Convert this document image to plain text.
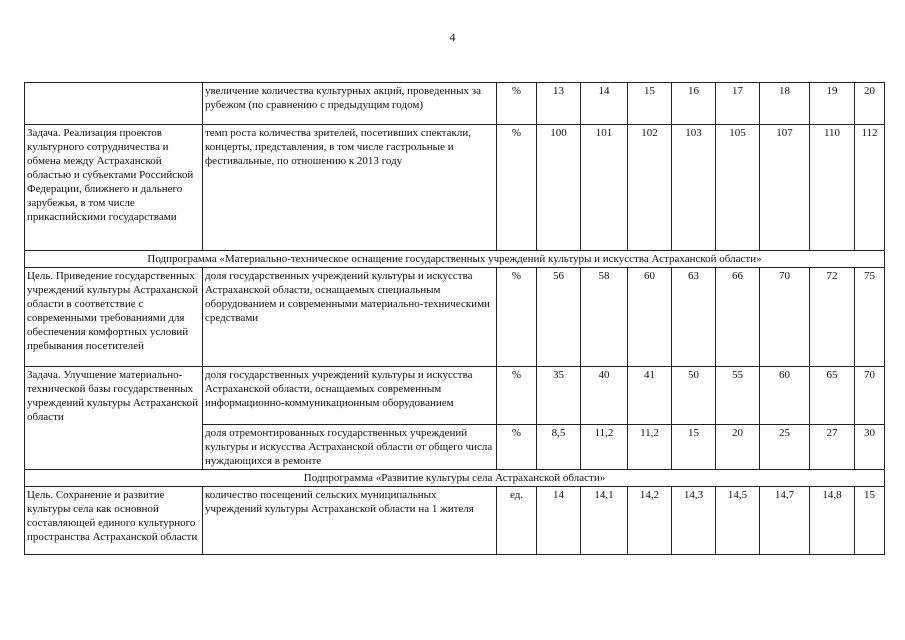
4
	увеличение количества культурных акций, проведенных за рубежом (по сравнению с предыдущим годом)	%	13	14	15	16	17	18	19	20
Задача. Реализация проектов культурного сотрудничества и обмена между Астраханской областью и субъектами Российской Федерации, ближнего и дальнего зарубежья, в том числе прикаспийскими государствами	темп роста количества зрителей, посетивших спектакли, концерты, представления, в том числе гастрольные и фестивальные, по отношению к 2013 году	%	100	101	102	103	105	107	110	112
Подпрограмма «Материально-техническое оснащение государственных учреждений культуры и искусства Астраханской области»										
Цель. Приведение государственных учреждений культуры Астраханской области в соответствие с современными требованиями для обеспечения комфортных условий пребывания посетителей	доля государственных учреждений культуры и искусства Астраханской области, оснащаемых специальным оборудованием и современными материально-техническими средствами	%	56	58	60	63	66	70	72	75
Задача. Улучшение материально-технической базы государственных учреждений культуры Астраханской области	доля государственных учреждений культуры и искусства Астраханской области, оснащаемых современным информационно-коммуникационным оборудованием	%	35	40	41	50	55	60	65	70
	доля отремонтированных государственных учреждений культуры и искусства Астраханской области от общего числа нуждающихся в ремонте	%	8,5	11,2	11,2	15	20	25	27	30
Подпрограмма «Развитие культуры села Астраханской области»										
Цель. Сохранение и развитие культуры села как основной составляющей единого культурного пространства Астраханской области	количество посещений сельских муниципальных учреждений культуры Астраханской области на 1 жителя	ед.	14	14,1	14,2	14,3	14,5	14,7	14,8	15
